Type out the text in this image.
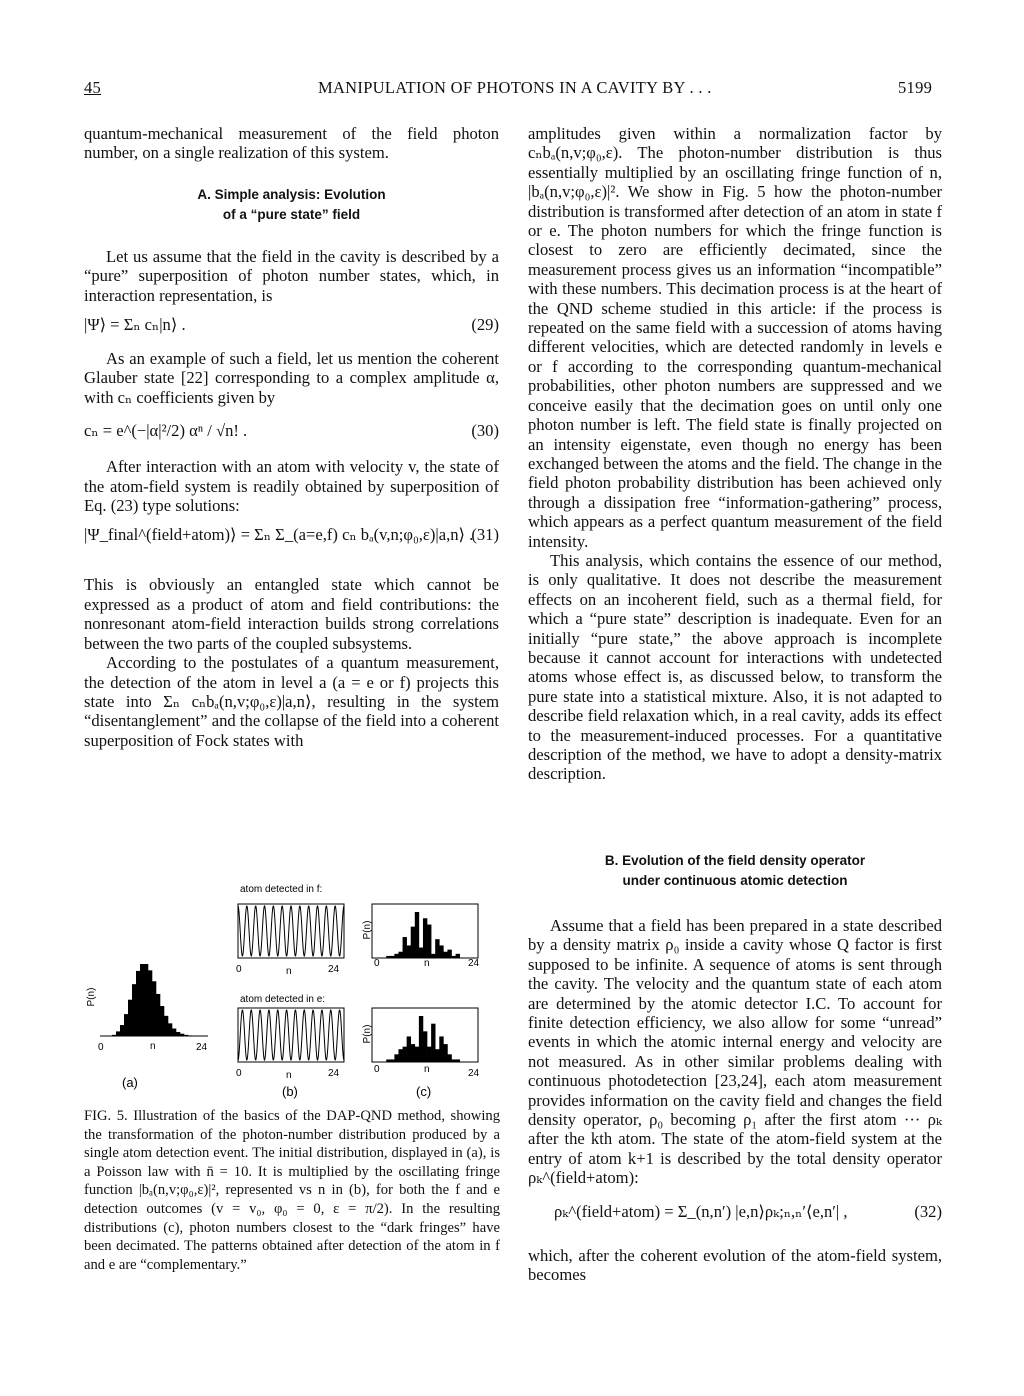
45	MANIPULATION OF PHOTONS IN A CAVITY BY . . .	5199

quantum-mechanical measurement of the field photon number, on a single realization of this system.

A. Simple analysis: Evolution
of a “pure state” field

Let us assume that the field in the cavity is described by a “pure” superposition of photon number states, which, in interaction representation, is

|Ψ⟩ = Σₙ cₙ|n⟩ .	(29)

As an example of such a field, let us mention the coherent Glauber state [22] corresponding to a complex amplitude α, with cₙ coefficients given by

cₙ = e^(−|α|²/2) αⁿ / √n! .	(30)

After interaction with an atom with velocity v, the state of the atom-field system is readily obtained by superposition of Eq. (23) type solutions:

|Ψ_final^(field+atom)⟩ = Σₙ Σ_(a=e,f) cₙ bₐ(v,n;φ₀,ε)|a,n⟩ .
(31)

This is obviously an entangled state which cannot be expressed as a product of atom and field contributions: the nonresonant atom-field interaction builds strong correlations between the two parts of the coupled subsystems.

According to the postulates of a quantum measurement, the detection of the atom in level a (a = e or f) projects this state into Σₙ cₙbₐ(n,v;φ₀,ε)|a,n⟩, resulting in the system “disentanglement” and the collapse of the field into a coherent superposition of Fock states with

amplitudes given within a normalization factor by cₙbₐ(n,v;φ₀,ε). The photon-number distribution is thus essentially multiplied by an oscillating fringe function of n, |bₐ(n,v;φ₀,ε)|². We show in Fig. 5 how the photon-number distribution is transformed after detection of an atom in state f or e. The photon numbers for which the fringe function is closest to zero are efficiently decimated, since the measurement process gives us an information “incompatible” with these numbers. This decimation process is at the heart of the QND scheme studied in this article: if the process is repeated on the same field with a succession of atoms having different velocities, which are detected randomly in levels e or f according to the corresponding quantum-mechanical probabilities, other photon numbers are suppressed and we conceive easily that the decimation goes on until only one photon number is left. The field state is finally projected on an intensity eigenstate, even though no energy has been exchanged between the atoms and the field. The change in the field photon probability distribution has been achieved only through a dissipation free “information-gathering” process, which appears as a perfect quantum measurement of the field intensity.

This analysis, which contains the essence of our method, is only qualitative. It does not describe the measurement effects on an incoherent field, such as a thermal field, for which a “pure state” description is inadequate. Even for an initially “pure state,” the above approach is incomplete because it cannot account for interactions with undetected atoms whose effect is, as discussed below, to transform the pure state into a statistical mixture. Also, it is not adapted to describe field relaxation which, in a real cavity, adds its effect to the measurement-induced processes. For a quantitative description of the method, we have to adopt a density-matrix description.

B. Evolution of the field density operator
under continuous atomic detection

Assume that a field has been prepared in a state described by a density matrix ρ₀ inside a cavity whose Q factor is first supposed to be infinite. A sequence of atoms is sent through the cavity. The velocity and the quantum state of each atom are determined by the atomic detector I.C. To account for finite detection efficiency, we also allow for some “unread” events in which the atomic internal energy and velocity are not measured. As in other similar problems dealing with continuous photodetection [23,24], each atom measurement provides information on the cavity field and changes the field density operator, ρ₀ becoming ρ₁ after the first atom ··· ρₖ after the kth atom. The state of the atom-field system at the entry of atom k+1 is described by the total density operator ρₖ^(field+atom):

ρₖ^(field+atom) = Σ_(n,n′) |e,n⟩ρₖ;ₙ,ₙ′⟨e,n′| ,	(32)

which, after the coherent evolution of the atom-field system, becomes

atom detected in f:
atom detected in e:
P(n)
0	n	24
(a)
0	n	24
0	n	24
(b)
P(n)
0	n	24
P(n)
0	n	24
(c)
FIG. 5. Illustration of the basics of the DAP-QND method, showing the transformation of the photon-number distribution produced by a single atom detection event. The initial distribution, displayed in (a), is a Poisson law with n̄ = 10. It is multiplied by the oscillating fringe function |bₐ(n,v;φ₀,ε)|², represented vs n in (b), for both the f and e detection outcomes (v = v₀, φ₀ = 0, ε = π/2). In the resulting distributions (c), photon numbers closest to the “dark fringes” have been decimated. The patterns obtained after detection of the atom in f and e are “complementary.”
